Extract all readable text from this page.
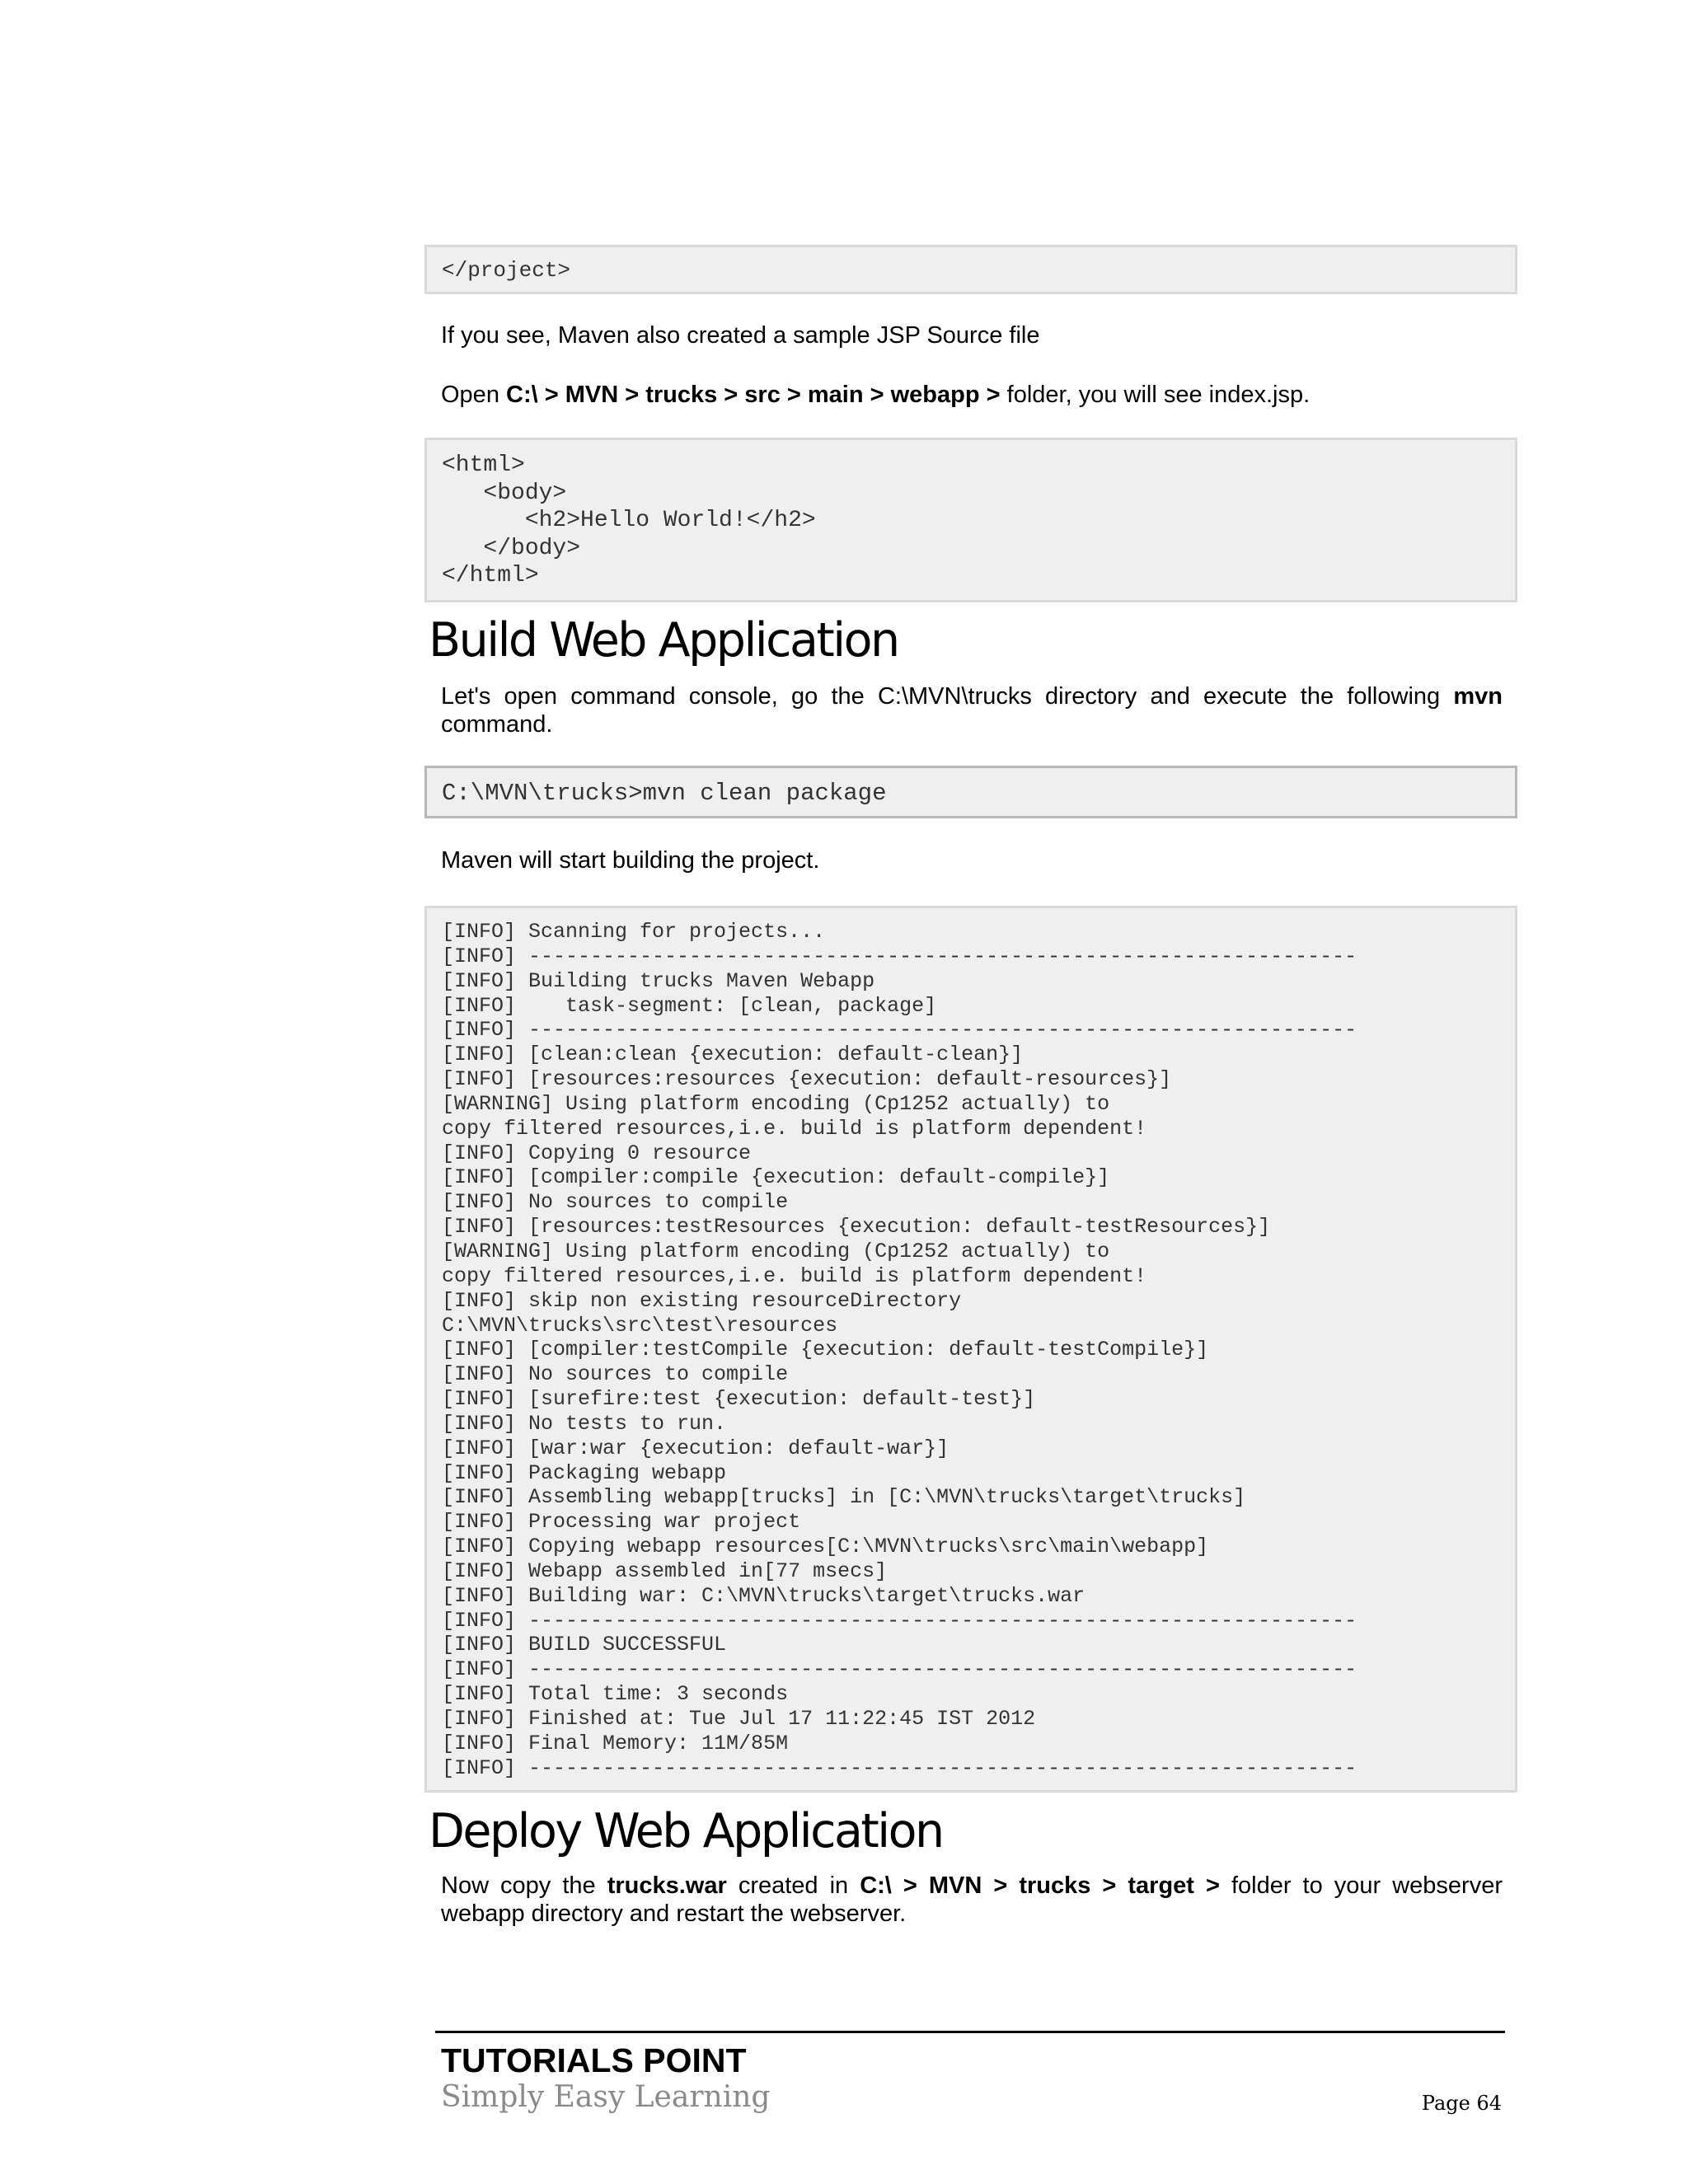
</project>
If you see, Maven also created a sample JSP Source file
Open C:\ > MVN > trucks > src > main > webapp > folder, you will see index.jsp.
<html>
<body>
<h2>Hello World!</h2>
</body>
</html>
Build Web Application
Let's open command console, go the C:\MVN\trucks directory and execute the following mvn command.
C:\MVN\trucks>mvn clean package
Maven will start building the project.
[INFO] Scanning for projects...
[INFO] -------------------------------------------------------------------
[INFO] Building trucks Maven Webapp
[INFO]    task-segment: [clean, package]
[INFO] -------------------------------------------------------------------
[INFO] [clean:clean {execution: default-clean}]
[INFO] [resources:resources {execution: default-resources}]
[WARNING] Using platform encoding (Cp1252 actually) to
copy filtered resources,i.e. build is platform dependent!
[INFO] Copying 0 resource
[INFO] [compiler:compile {execution: default-compile}]
[INFO] No sources to compile
[INFO] [resources:testResources {execution: default-testResources}]
[WARNING] Using platform encoding (Cp1252 actually) to
copy filtered resources,i.e. build is platform dependent!
[INFO] skip non existing resourceDirectory
C:\MVN\trucks\src\test\resources
[INFO] [compiler:testCompile {execution: default-testCompile}]
[INFO] No sources to compile
[INFO] [surefire:test {execution: default-test}]
[INFO] No tests to run.
[INFO] [war:war {execution: default-war}]
[INFO] Packaging webapp
[INFO] Assembling webapp[trucks] in [C:\MVN\trucks\target\trucks]
[INFO] Processing war project
[INFO] Copying webapp resources[C:\MVN\trucks\src\main\webapp]
[INFO] Webapp assembled in[77 msecs]
[INFO] Building war: C:\MVN\trucks\target\trucks.war
[INFO] -------------------------------------------------------------------
[INFO] BUILD SUCCESSFUL
[INFO] -------------------------------------------------------------------
[INFO] Total time: 3 seconds
[INFO] Finished at: Tue Jul 17 11:22:45 IST 2012
[INFO] Final Memory: 11M/85M
[INFO] -------------------------------------------------------------------
Deploy Web Application
Now copy the trucks.war created in C:\ > MVN > trucks > target > folder to your webserver webapp directory and restart the webserver.
TUTORIALS POINT
Simply Easy Learning	Page 64
